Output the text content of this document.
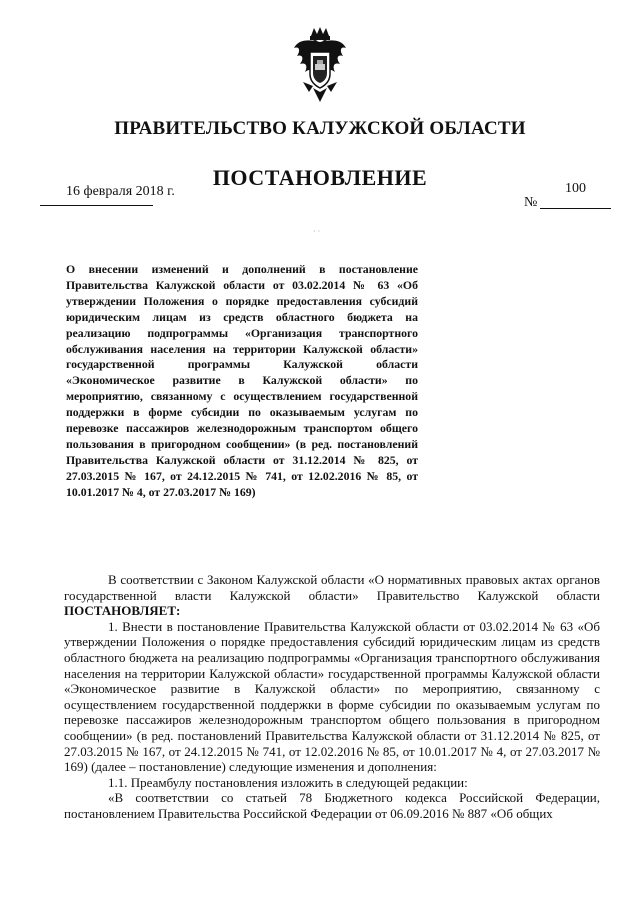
ПРАВИТЕЛЬСТВО КАЛУЖСКОЙ ОБЛАСТИ
ПОСТАНОВЛЕНИЕ
16 февраля 2018 г.
№
100
· ·
О внесении изменений и дополнений в постановление Правительства Калужской области от 03.02.2014 № 63 «Об утверждении Положения о порядке предоставления субсидий юридическим лицам из средств областного бюджета на реализацию подпрограммы «Организация транспортного обслуживания населения на территории Калужской области» государственной программы Калужской области «Экономическое развитие в Калужской области» по мероприятию, связанному с осуществлением государственной поддержки в форме субсидии по оказываемым услугам по перевозке пассажиров железнодорожным транспортом общего пользования в пригородном сообщении» (в ред. постановлений Правительства Калужской области от 31.12.2014 № 825, от 27.03.2015 № 167, от 24.12.2015 № 741, от 12.02.2016 № 85, от 10.01.2017 № 4, от 27.03.2017 № 169)

В соответствии с Законом Калужской области «О нормативных правовых актах органов государственной власти Калужской области» Правительство Калужской области ПОСТАНОВЛЯЕТ:

1. Внести в постановление Правительства Калужской области от 03.02.2014 № 63 «Об утверждении Положения о порядке предоставления субсидий юридическим лицам из средств областного бюджета на реализацию подпрограммы «Организация транспортного обслуживания населения на территории Калужской области» государственной программы Калужской области «Экономическое развитие в Калужской области» по мероприятию, связанному с осуществлением государственной поддержки в форме субсидии по оказываемым услугам по перевозке пассажиров железнодорожным транспортом общего пользования в пригородном сообщении» (в ред. постановлений Правительства Калужской области от 31.12.2014 № 825, от 27.03.2015 № 167, от 24.12.2015 № 741, от 12.02.2016 № 85, от 10.01.2017 № 4, от 27.03.2017 № 169) (далее – постановление) следующие изменения и дополнения:

1.1. Преамбулу постановления изложить в следующей редакции:

«В соответствии со статьей 78 Бюджетного кодекса Российской Федерации, постановлением Правительства Российской Федерации от 06.09.2016 № 887 «Об общих
